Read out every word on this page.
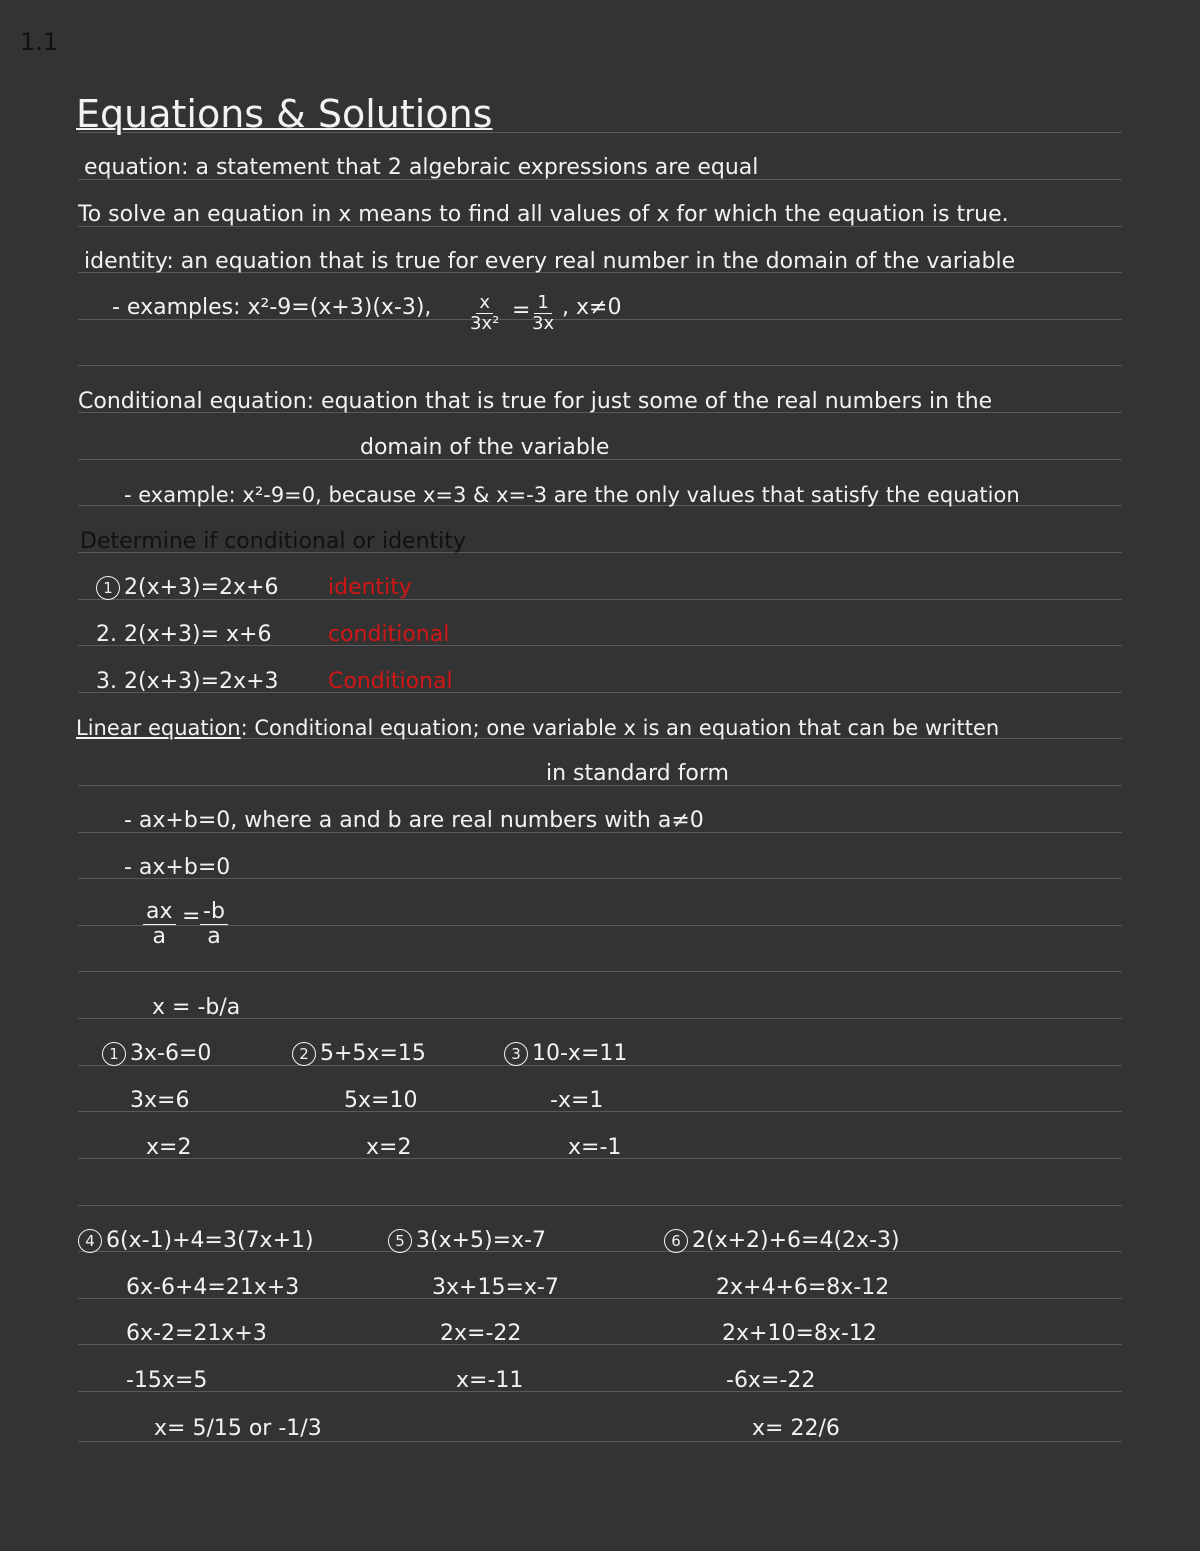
1.1
Equations & Solutions
equation: a statement that 2 algebraic expressions are equal
To solve an equation in x means to find all values of x for which the equation is true.
identity: an equation that is true for every real number in the domain of the variable
- examples: x²-9=(x+3)(x-3), $\frac{x}{\text{3x²}} = \frac{1}{3x}$ , x≠0
Conditional equation: equation that is true for just some of the real numbers in the
domain of the variable
- example: x²-9=0, because x=3 & x=-3 are the only values that satisfy the equation
Determine if conditional or identity
1 2(x+3)=2x+6 identity
2. 2(x+3)= x+6	conditional
3. 2(x+3)=2x+3 Conditional
Linear equation: Conditional equation; one variable x is an equation that can be written
in standard form
- ax+b=0, where a and b are real numbers with a≠0
- ax+b=0
$\frac{ax}{a} = \frac{-b}{a}$
x = -b/a
1 3x-6=0
3x=6
x=2
2 5+5x=15
5x=10
x=2
3 10-x=11
-x=1
x=-1
4 6(x-1)+4=3(7x+1)
6x-6+4=21x+3
6x-2=21x+3
-15x=5
x= 5/15 or -1/3
5 3(x+5)=x-7
3x+15=x-7
2x=-22
x=-11
6 2(x+2)+6=4(2x-3)
2x+4+6=8x-12
2x+10=8x-12
-6x=-22
x= 22/6
